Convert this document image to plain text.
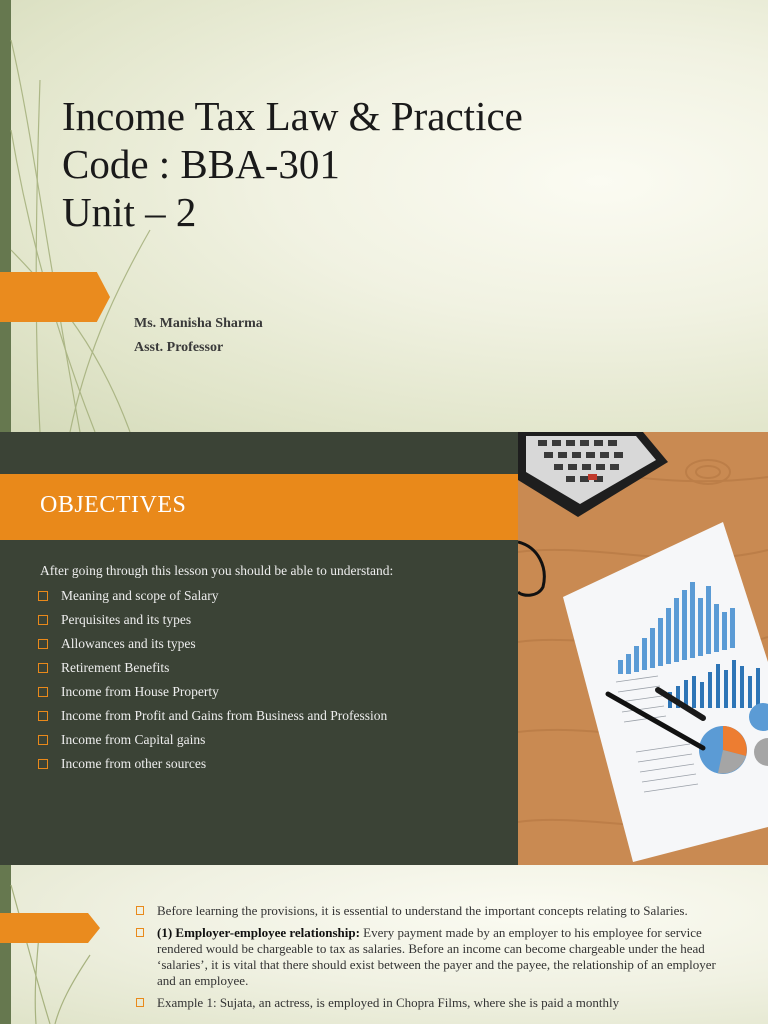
Income Tax Law & Practice
Code : BBA-301
Unit – 2
Ms. Manisha Sharma
Asst. Professor
OBJECTIVES
After going through this lesson you should be able to understand:
Meaning and scope of Salary
Perquisites and its types
Allowances and its types
Retirement Benefits
Income from House Property
Income from Profit and Gains from Business and Profession
Income from Capital gains
Income from other sources
Before learning the provisions, it is essential to understand the important concepts relating to Salaries.
(1) Employer-employee relationship: Every payment made by an employer to his employee for service rendered would be chargeable to tax as salaries. Before an income can become chargeable under the head ‘salaries’, it is vital that there should exist between the payer and the payee, the relationship of an employer and an employee.
Example 1: Sujata, an actress, is employed in Chopra Films, where she is paid a monthly
